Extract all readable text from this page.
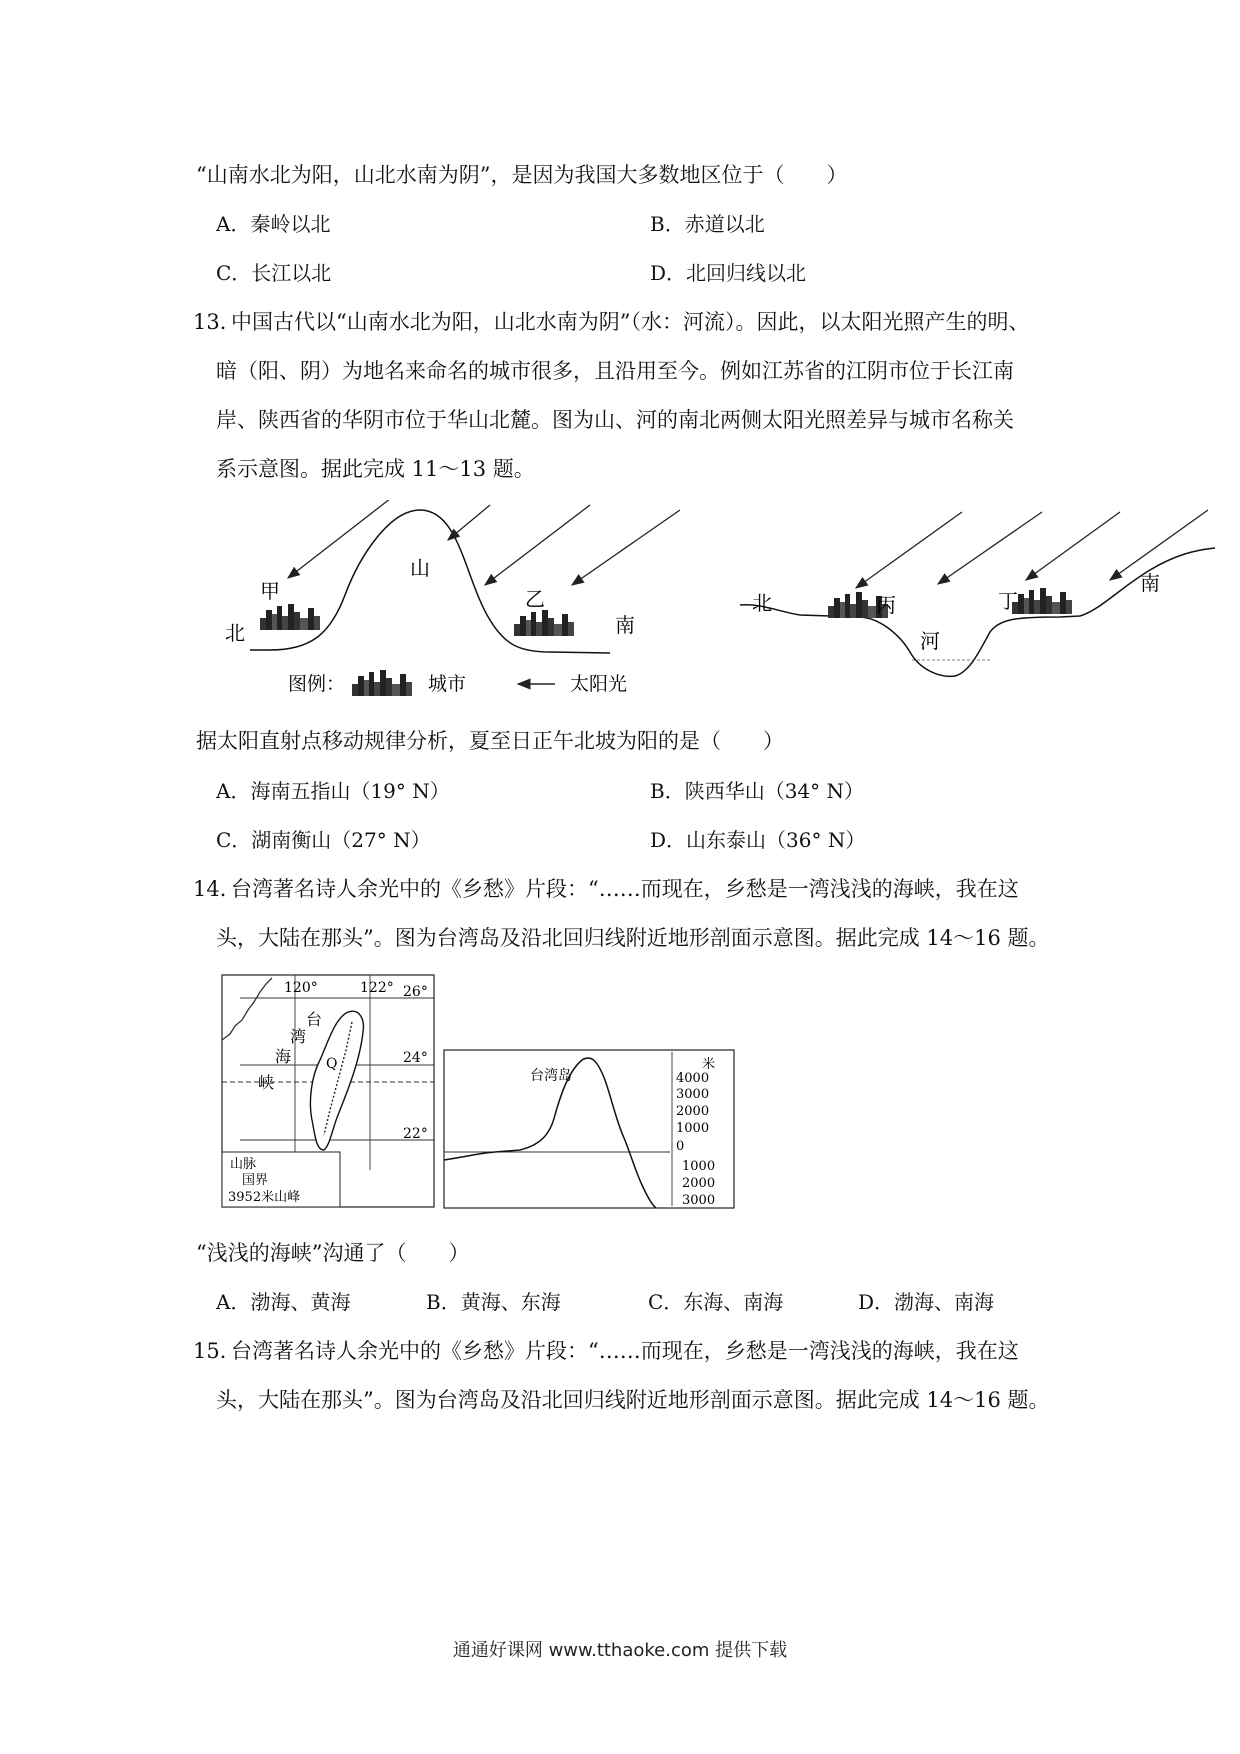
“山南水北为阳，山北水南为阴”，是因为我国大多数地区位于（　　）
A．秦岭以北	B．赤道以北
C．长江以北	D．北回归线以北
13．
中国古代以“山南水北为阳，山北水南为阴”（水：河流）。因此，以太阳光照产生的明、
暗（阳、阴）为地名来命名的城市很多，且沿用至今。例如江苏省的江阴市位于长江南
岸、陕西省的华阴市位于华山北麓。图为山、河的南北两侧太阳光照差异与城市名称关
系示意图。据此完成 11～13 题。
山
甲	乙
北	南
图例：	城市	太阳光
北	丙
河
丁
南
据太阳直射点移动规律分析，夏至日正午北坡为阳的是（　　）
A．海南五指山（19° N）	B．陕西华山（34° N）
C．湖南衡山（27° N）	D．山东泰山（36° N）
14．
台湾著名诗人余光中的《乡愁》片段：“……而现在，乡愁是一湾浅浅的海峡，我在这
头，大陆在那头”。图为台湾岛及沿北回归线附近地形剖面示意图。据此完成 14～16 题。
120°	122° 26°
24°
22°
台
湾
海
峡
Q
山脉
国界
3952米山峰
台湾岛
米
4000
3000
2000
1000
0
1000
2000
3000
“浅浅的海峡”沟通了（　　）
A．渤海、黄海	B．黄海、东海	C．东海、南海	D．渤海、南海
15．
台湾著名诗人余光中的《乡愁》片段：“……而现在，乡愁是一湾浅浅的海峡，我在这
头，大陆在那头”。图为台湾岛及沿北回归线附近地形剖面示意图。据此完成 14～16 题。
通通好课网 www.tthaoke.com 提供下载
